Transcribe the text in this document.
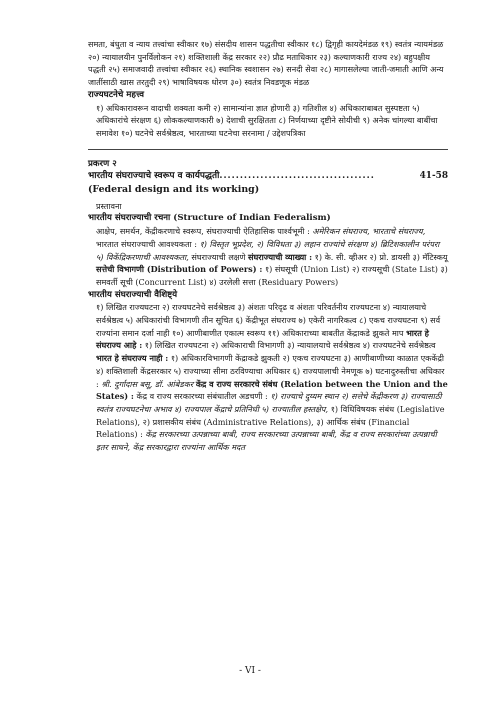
समता, बंधुता व न्याय तत्त्वांचा स्वीकार १७) संसदीय शासन पद्धतीचा स्वीकार १८) द्विगृही कायदेमंडळ १९) स्वतंत्र न्यायमंडळ २०) न्यायालयीन पुनर्विलोकन २१) शक्तिशाली केंद्र सरकार २२) प्रौढ मताधिकार २३) कल्याणकारी राज्य २४) बहुपक्षीय पद्धती २५) समाजवादी तत्त्वांचा स्वीकार २६) स्थानिक स्वशासन २७) सनदी सेवा २८) मागासलेल्या जाती-जमाती आणि अन्य जातींसाठी खास तरतुदी २९) भाषाविषयक धोरण ३०) स्वतंत्र निवडणूक मंडळ

राज्यघटनेचे महत्त्व

१) अधिकारावरून वादाची शक्यता कमी २) सामान्यांना ज्ञात होणारी ३) गतिशील ४) अधिकाराबाबत सुस्पष्टता ५) अधिकारांचे संरक्षण ६) लोककल्याणकारी ७) देशाची सुरक्षितता ८) निर्णयाच्या दृष्टीने सोयीची ९) अनेक चांगल्या बाबींचा समावेश १०) घटनेचे सर्वश्रेष्ठत्व, भारताच्या घटनेचा सरनामा / उद्देशपत्रिका

प्रकरण २

भारतीय संघराज्याचे स्वरूप व कार्यपद्धती ......................................	41-58

(Federal design and its working)

प्रस्तावना

भारतीय संघराज्याची रचना (Structure of Indian Federalism)

आक्षेप, समर्थन, केंद्रीकरणाचे स्वरूप, संघराज्याची ऐतिहासिक पार्श्वभूमी : अमेरिकन संघराज्य, भारताचे संघराज्य, भारतात संघराज्याची आवश्यकता : १) विस्तृत भूप्रदेश, २) विविधता ३) लहान राज्यांचे संरक्षण ४) ब्रिटिशकालीन परंपरा ५) विकेंद्रिकरणाची आवश्यकता, संघराज्याची लक्षणे संघराज्याची व्याख्या : १) के. सी. व्हीअर २) प्रो. डायसी ३) मॅटिस्कयू सत्तेची विभागणी (Distribution of Powers) : १) संघसूची (Union List) २) राज्यसूची (State List) ३) समवर्ती सूची (Concurrent List) ४) उरलेली सत्ता (Residuary Powers)

भारतीय संघराज्याची वैशिष्ट्ये

१) लिखित राज्यघटना २) राज्यघटनेचे सर्वश्रेष्ठत्व ३) अंशतः परिदृढ व अंशतः परिवर्तनीय राज्यघटना ४) न्यायालयाचे सर्वश्रेष्ठत्व ५) अधिकारांची विभागणी तीन सूचित ६) केंद्रीभूत संघराज्य ७) एकेरी नागरिकत्व ८) एकच राज्यघटना ९) सर्व राज्यांना समान दर्जा नाही १०) आणीबाणीत एकात्म स्वरूप ११) अधिकाराच्या बाबतीत केंद्राकडे झुकते माप भारत हे संघराज्य आहे : १) लिखित राज्यघटना २) अधिकाराची विभागणी ३) न्यायालयाचे सर्वश्रेष्ठत्व ४) राज्यघटनेचे सर्वश्रेष्ठत्व भारत हे संघराज्य नाही : १) अधिकारविभागणी केंद्राकडे झुकती २) एकच राज्यघटना ३) आणीबाणीच्या काळात एककेंद्री ४) शक्तिशाली केंद्रसरकार ५) राज्याच्या सीमा ठरविण्याचा अधिकार ६) राज्यपालाची नेमणूक ७) घटनादुरुस्तीचा अधिकार : श्री. दुर्गादास बसू, डॉ. आंबेडकर केंद्र व राज्य सरकारचे संबंध (Relation between the Union and the States) : केंद्र व राज्य सरकारच्या संबंधातील अडचणी : १) राज्याचे दुय्यम स्थान २) सत्तेचे केंद्रीकरण ३) राज्यासाठी स्वतंत्र राज्यघटनेचा अभाव ४) राज्यपाल केंद्राचे प्रतिनिधी ५) राज्यातील हस्तक्षेप, १) विधिविषयक संबंध (Legislative Relations), २) प्रशासकीय संबंध (Administrative Relations), ३) आर्थिक संबंध (Financial Relations) : केंद्र सरकारच्या उत्पन्नाच्या बाबी, राज्य सरकारच्या उत्पन्नाच्या बाबी, केंद्र व राज्य सरकारांच्या उत्पन्नाची इतर साधने, केंद्र सरकारद्वारा राज्यांना आर्थिक मदत

- VI -
